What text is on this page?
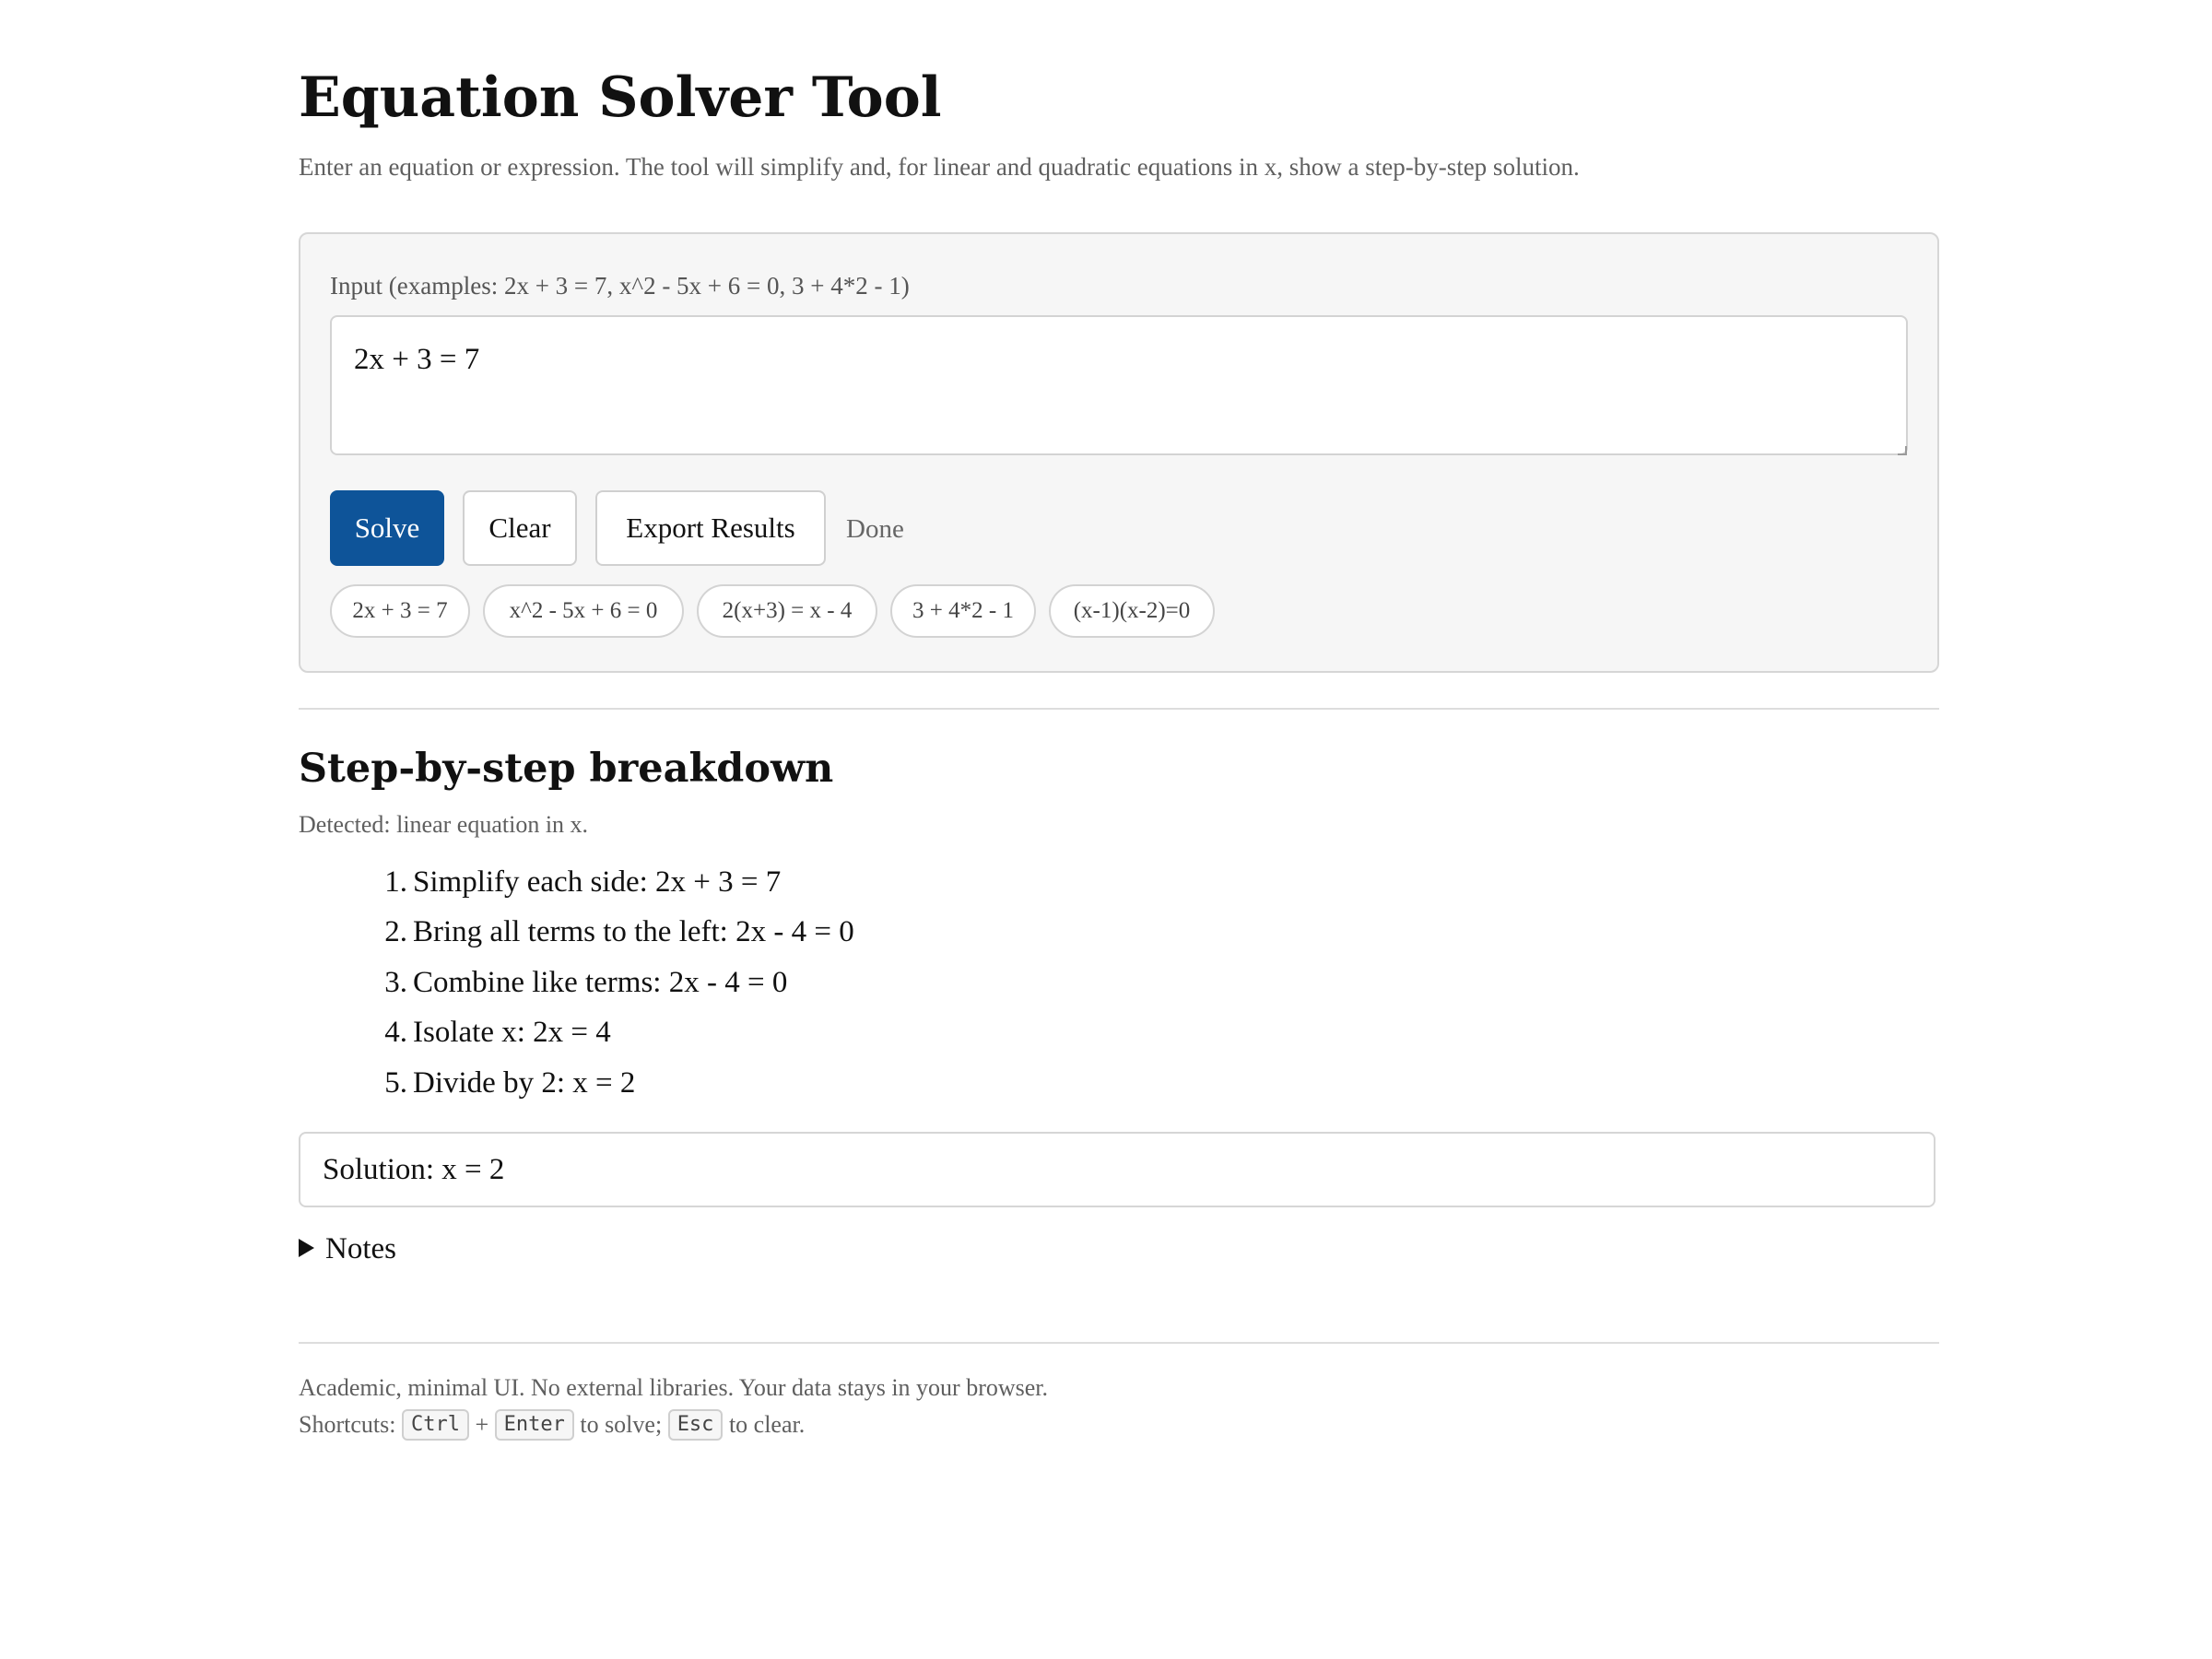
Equation Solver Tool

Enter an equation or expression. The tool will simplify and, for linear and quadratic equations in x, show a step-by-step solution.

Input (examples: 2x + 3 = 7, x^2 - 5x + 6 = 0, 3 + 4*2 - 1)
2x + 3 = 7
Solve	Clear	Export Results	Done
2x + 3 = 7	x^2 - 5x + 6 = 0	2(x+3) = x - 4	3 + 4*2 - 1	(x-1)(x-2)=0
Step-by-step breakdown
Detected: linear equation in x.
1. Simplify each side: 2x + 3 = 7
2. Bring all terms to the left: 2x - 4 = 0
3. Combine like terms: 2x - 4 = 0
4. Isolate x: 2x = 4
5. Divide by 2: x = 2
Solution: x = 2
Notes
Academic, minimal UI. No external libraries. Your data stays in your browser.
Shortcuts: Ctrl + Enter to solve; Esc to clear.
